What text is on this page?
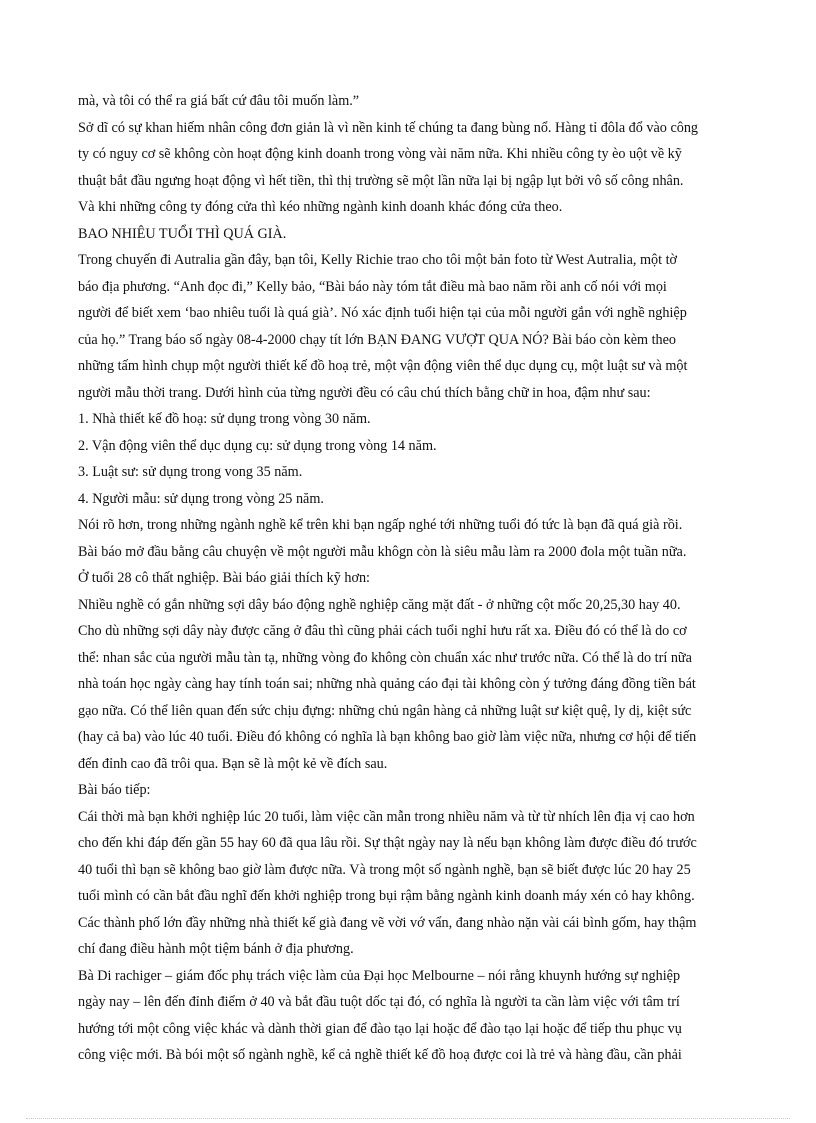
mà, và tôi có thể ra giá bất cứ đâu tôi muốn làm.”

Sở dĩ có sự khan hiếm nhân công đơn giản là vì nền kinh tế chúng ta đang bùng nổ. Hàng tỉ đôla đổ vào công

ty có nguy cơ sẽ không còn hoạt động kinh doanh trong vòng vài năm nữa. Khi nhiều công ty èo uột về kỹ

thuật bắt đầu ngưng hoạt động vì hết tiền, thì thị trường sẽ một lần nữa lại bị ngập lụt bởi vô số công nhân.

Và khi những công ty đóng cửa thì kéo những ngành kinh doanh khác đóng cửa theo.

BAO NHIÊU TUỔI THÌ QUÁ GIÀ.

Trong chuyến đi Autralia gần đây, bạn tôi, Kelly Richie trao cho tôi một bản foto từ West Autralia, một tờ

báo địa phương. “Anh đọc đi,” Kelly bảo, “Bài báo này tóm tắt điều mà bao năm rồi anh cố nói với mọi

người để biết xem ‘bao nhiêu tuổi là quá già’. Nó xác định tuổi hiện tại của mỗi người gắn với nghề nghiệp

của họ.” Trang báo số ngày 08-4-2000 chạy tít lớn BẠN ĐANG VƯỢT QUA NÓ? Bài báo còn kèm theo

những tấm hình chụp một người thiết kế đồ hoạ trẻ, một vận động viên thể dục dụng cụ, một luật sư và một

người mẫu thời trang. Dưới hình của từng người đều có câu chú thích bằng chữ in hoa, đậm như sau:

1. Nhà thiết kế đồ hoạ: sử dụng trong vòng 30 năm.

2. Vận động viên thể dục dụng cụ: sử dụng trong vòng 14 năm.

3. Luật sư: sử dụng trong vong 35 năm.

4. Người mẫu: sử dụng trong vòng 25 năm.

Nói rõ hơn, trong những ngành nghề kể trên khi bạn ngấp nghé tới những tuổi đó tức là bạn đã quá già rồi.

Bài báo mở đầu bằng câu chuyện về một người mẫu khôgn còn là siêu mẫu làm ra 2000 đola một tuần nữa.

Ở tuổi 28 cô thất nghiệp. Bài báo giải thích kỹ hơn:

Nhiều nghề có gắn những sợi dây báo động nghề nghiệp căng mặt đất - ở những cột mốc 20,25,30 hay 40.

Cho dù những sợi dây này được căng ở đâu thì cũng phải cách tuổi nghỉ hưu rất xa. Điều đó có thể là do cơ

thể: nhan sắc của người mẫu tàn tạ, những vòng đo không còn chuẩn xác như trước nữa. Có thể là do trí nữa

nhà toán học ngày càng hay tính toán sai; những nhà quảng cáo đại tài không còn ý tưởng đáng đồng tiền bát

gạo nữa. Có thể liên quan đến sức chịu đựng: những chủ ngân hàng cả những luật sư kiệt quệ, ly dị, kiệt sức

(hay cả ba) vào lúc 40 tuổi. Điều đó không có nghĩa là bạn không bao giờ làm việc nữa, nhưng cơ hội để tiến

đến đỉnh cao đã trôi qua. Bạn sẽ là một kẻ về đích sau.

Bài báo tiếp:

Cái thời mà bạn khởi nghiệp lúc 20 tuổi, làm việc cần mẫn trong nhiều năm và từ từ nhích lên địa vị cao hơn

cho đến khi đáp đến gần 55 hay 60 đã qua lâu rồi. Sự thật ngày nay là nếu bạn không làm được điều đó trước

40 tuổi thì bạn sẽ không bao giờ làm được nữa. Và trong một số ngành nghề, bạn sẽ biết được lúc 20 hay 25

tuổi mình có cần bắt đầu nghĩ đến khởi nghiệp trong bụi rậm bằng ngành kinh doanh máy xén cỏ hay không.

Các thành phố lớn đầy những nhà thiết kế già đang vẽ vời vớ vẩn, đang nhào nặn vài cái bình gốm, hay thậm

chí đang điều hành một tiệm bánh ở địa phương.

Bà Di rachiger – giám đốc phụ trách việc làm của Đại học Melbourne – nói rằng khuynh hướng sự nghiệp

ngày nay – lên đến đỉnh điểm ở 40 và bắt đầu tuột dốc tại đó, có nghĩa là người ta cần làm việc với tâm trí

hướng tới một công việc khác và dành thời gian để đào tạo lại hoặc để đào tạo lại hoặc để tiếp thu phục vụ

công việc mới. Bà bói một số ngành nghề, kể cả nghề thiết kế đồ hoạ được coi là trẻ và hàng đầu, cần phải
